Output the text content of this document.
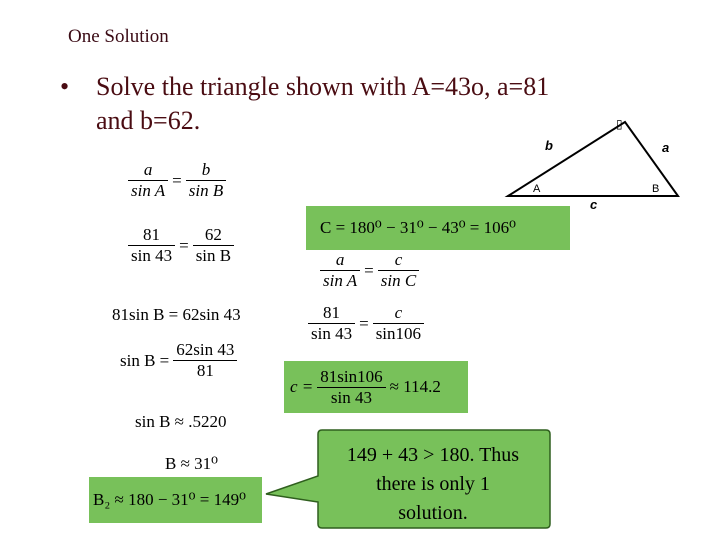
One Solution
• Solve the triangle shown with A=43o, a=81
and b=62.
b	a
c
A	B
▯
$\frac{a}{\text{sin A}} = \frac{b}{\text{sin B}}$
$\frac{81}{\sin 43} = \frac{62}{\text{sin B}}$
81sin B = 62sin 43
$\sin B = \frac{62\sin 43}{81}$
sin B ≈ .5220
B ≈ 31⁰
B₂ ≈ 180 − 31⁰ = 149⁰
C = 180⁰ − 31⁰ − 43⁰ = 106⁰
$\frac{a}{\text{sin A}} = \frac{c}{\text{sin C}}$
$\frac{81}{\sin 43} = \frac{c}{\sin 106}$
$c = \frac{81\sin 106}{\sin 43} \approx 114.2$
149 + 43 > 180. Thus
there is only 1
solution.
